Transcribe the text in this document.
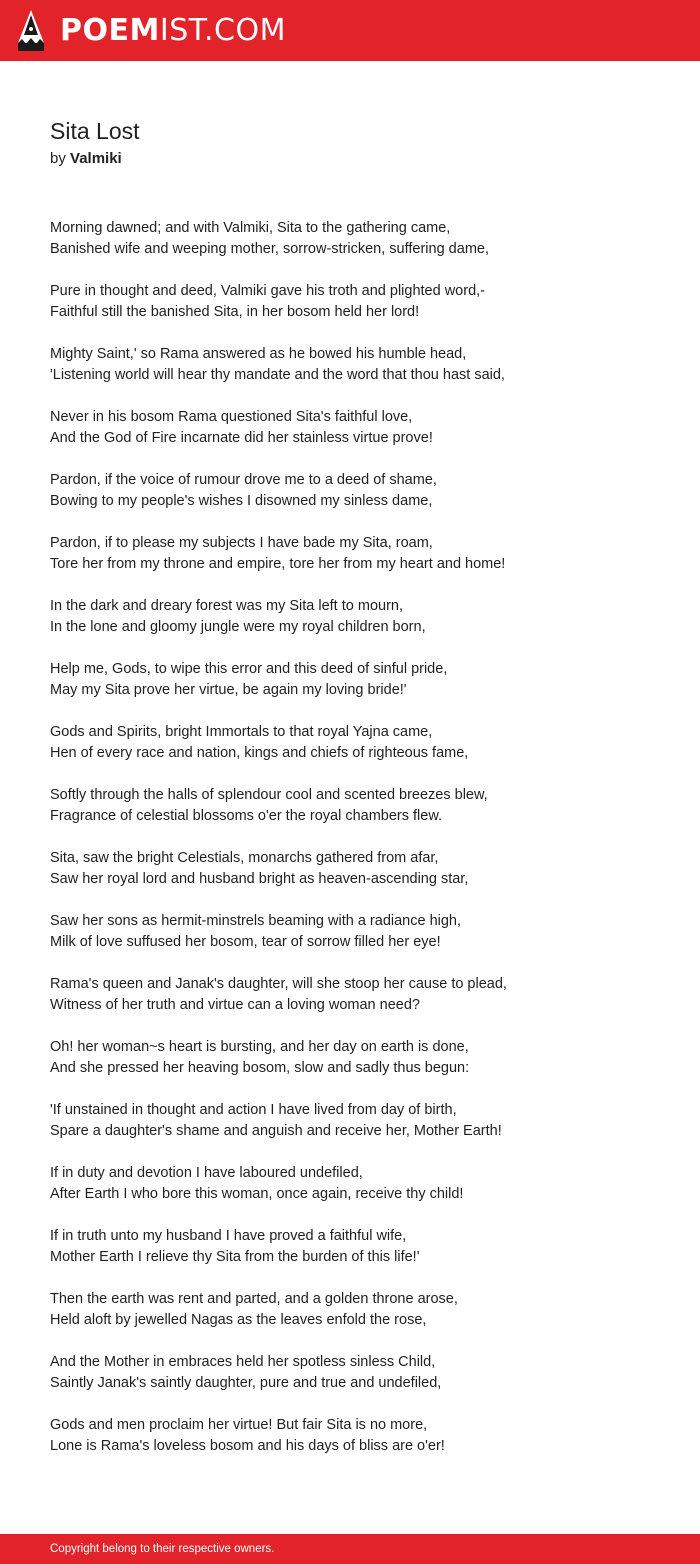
POEMIST.COM
Sita Lost

by Valmiki

Morning dawned; and with Valmiki, Sita to the gathering came,
Banished wife and weeping mother, sorrow-stricken, suffering dame,
Pure in thought and deed, Valmiki gave his troth and plighted word,-
Faithful still the banished Sita, in her bosom held her lord!
Mighty Saint,' so Rama answered as he bowed his humble head,
'Listening world will hear thy mandate and the word that thou hast said,
Never in his bosom Rama questioned Sita's faithful love,
And the God of Fire incarnate did her stainless virtue prove!
Pardon, if the voice of rumour drove me to a deed of shame,
Bowing to my people's wishes I disowned my sinless dame,
Pardon, if to please my subjects I have bade my Sita, roam,
Tore her from my throne and empire, tore her from my heart and home!
In the dark and dreary forest was my Sita left to mourn,
In the lone and gloomy jungle were my royal children born,
Help me, Gods, to wipe this error and this deed of sinful pride,
May my Sita prove her virtue, be again my loving bride!'
Gods and Spirits, bright Immortals to that royal Yajna came,
Hen of every race and nation, kings and chiefs of righteous fame,
Softly through the halls of splendour cool and scented breezes blew,
Fragrance of celestial blossoms o'er the royal chambers flew.
Sita, saw the bright Celestials, monarchs gathered from afar,
Saw her royal lord and husband bright as heaven-ascending star,
Saw her sons as hermit-minstrels beaming with a radiance high,
Milk of love suffused her bosom, tear of sorrow filled her eye!
Rama's queen and Janak's daughter, will she stoop her cause to plead,
Witness of her truth and virtue can a loving woman need?
Oh! her woman~s heart is bursting, and her day on earth is done,
And she pressed her heaving bosom, slow and sadly thus begun:
'If unstained in thought and action I have lived from day of birth,
Spare a daughter's shame and anguish and receive her, Mother Earth!
If in duty and devotion I have laboured undefiled,
After Earth I who bore this woman, once again, receive thy child!
If in truth unto my husband I have proved a faithful wife,
Mother Earth I relieve thy Sita from the burden of this life!'
Then the earth was rent and parted, and a golden throne arose,
Held aloft by jewelled Nagas as the leaves enfold the rose,
And the Mother in embraces held her spotless sinless Child,
Saintly Janak's saintly daughter, pure and true and undefiled,
Gods and men proclaim her virtue! But fair Sita is no more,
Lone is Rama's loveless bosom and his days of bliss are o'er!
Copyright belong to their respective owners.
